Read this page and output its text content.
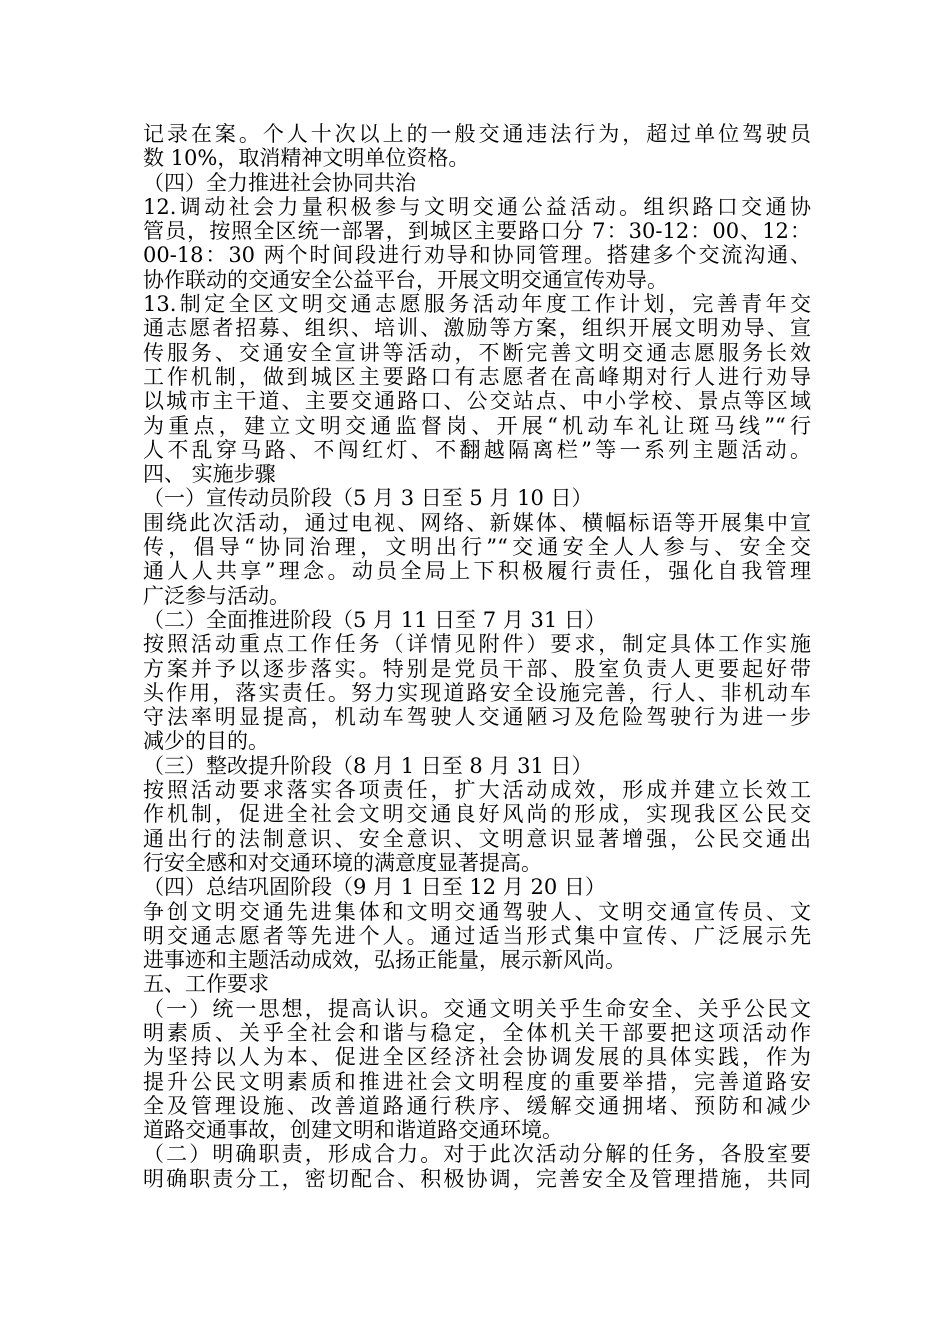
记录在案。个人十次以上的一般交通违法行为，超过单位驾驶员
数 10%，取消精神文明单位资格。
（四）全力推进社会协同共治
12.调动社会力量积极参与文明交通公益活动。组织路口交通协
管员，按照全区统一部署，到城区主要路口分 7：30-12：00、12：
00-18：30 两个时间段进行劝导和协同管理。搭建多个交流沟通、
协作联动的交通安全公益平台，开展文明交通宣传劝导。
13.制定全区文明交通志愿服务活动年度工作计划，完善青年交
通志愿者招募、组织、培训、激励等方案，组织开展文明劝导、宣
传服务、交通安全宣讲等活动，不断完善文明交通志愿服务长效
工作机制，做到城区主要路口有志愿者在高峰期对行人进行劝导
以城市主干道、主要交通路口、公交站点、中小学校、景点等区域
为重点，建立文明交通监督岗、开展“机动车礼让斑马线”“行
人不乱穿马路、不闯红灯、不翻越隔离栏”等一系列主题活动。
四、 实施步骤
（一）宣传动员阶段（5 月 3 日至 5 月 10 日）
围绕此次活动，通过电视、网络、新媒体、横幅标语等开展集中宣
传，倡导“协同治理，文明出行”“交通安全人人参与、安全交
通人人共享”理念。动员全局上下积极履行责任，强化自我管理
广泛参与活动。
（二）全面推进阶段（5 月 11 日至 7 月 31 日）
按照活动重点工作任务（详情见附件）要求，制定具体工作实施
方案并予以逐步落实。特别是党员干部、股室负责人更要起好带
头作用，落实责任。努力实现道路安全设施完善，行人、非机动车
守法率明显提高，机动车驾驶人交通陋习及危险驾驶行为进一步
减少的目的。
（三）整改提升阶段（8 月 1 日至 8 月 31 日）
按照活动要求落实各项责任，扩大活动成效，形成并建立长效工
作机制，促进全社会文明交通良好风尚的形成，实现我区公民交
通出行的法制意识、安全意识、文明意识显著增强，公民交通出
行安全感和对交通环境的满意度显著提高。
（四）总结巩固阶段（9 月 1 日至 12 月 20 日）
争创文明交通先进集体和文明交通驾驶人、文明交通宣传员、文
明交通志愿者等先进个人。通过适当形式集中宣传、广泛展示先
进事迹和主题活动成效，弘扬正能量，展示新风尚。
五、工作要求
（一）统一思想，提高认识。交通文明关乎生命安全、关乎公民文
明素质、关乎全社会和谐与稳定，全体机关干部要把这项活动作
为坚持以人为本、促进全区经济社会协调发展的具体实践，作为
提升公民文明素质和推进社会文明程度的重要举措，完善道路安
全及管理设施、改善道路通行秩序、缓解交通拥堵、预防和减少
道路交通事故，创建文明和谐道路交通环境。
（二）明确职责，形成合力。对于此次活动分解的任务，各股室要
明确职责分工，密切配合、积极协调，完善安全及管理措施，共同
